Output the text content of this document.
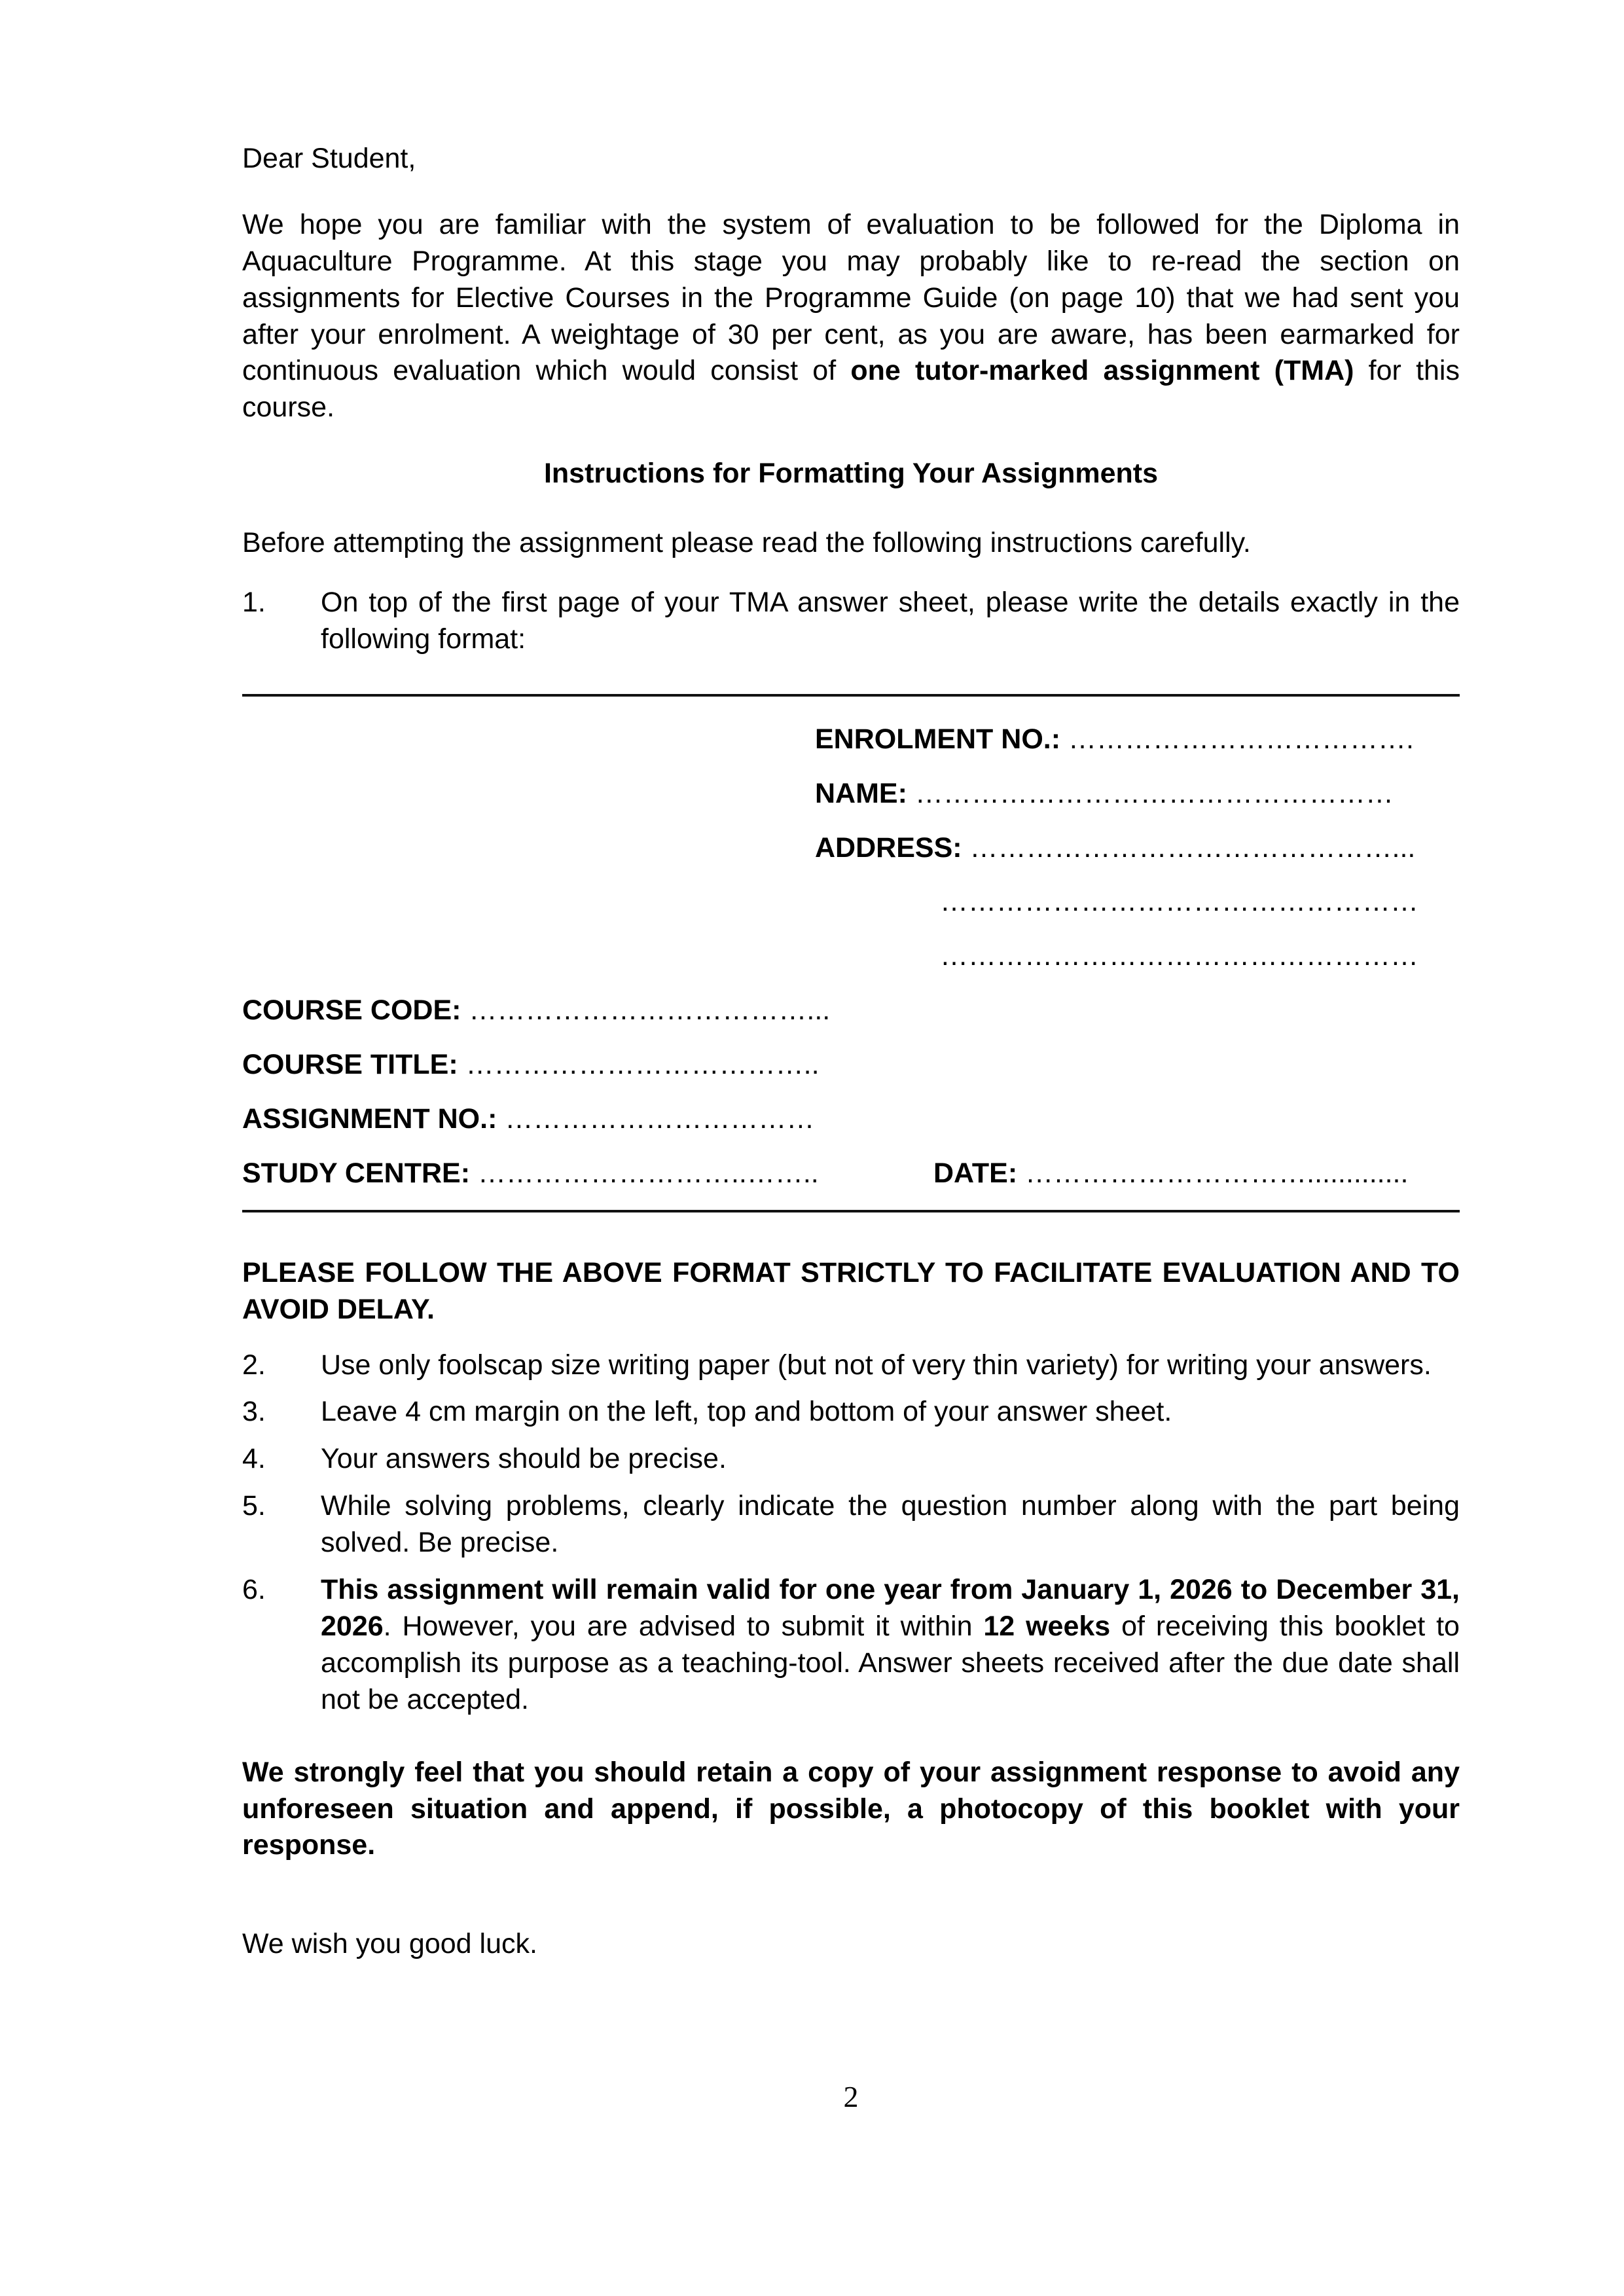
Dear Student,

We hope you are familiar with the system of evaluation to be followed for the Diploma in Aquaculture Programme. At this stage you may probably like to re-read the section on assignments for Elective Courses in the Programme Guide (on page 10) that we had sent you after your enrolment. A weightage of 30 per cent, as you are aware, has been earmarked for continuous evaluation which would consist of one tutor-marked assignment (TMA) for this course.

Instructions for Formatting Your Assignments
Before attempting the assignment please read the following instructions carefully.
1.	On top of the first page of your TMA answer sheet, please write the details exactly in the following format:
ENROLMENT NO.: ……………………………….
NAME: ……………………………………………
ADDRESS: ………………………………………...
……………………………………………
……………………………………………
COURSE CODE: ………………………………...
COURSE TITLE: ………………………………..
ASSIGNMENT NO.: ……………………………
STUDY CENTRE: ………………………..……..	DATE: ………………………….............
PLEASE FOLLOW THE ABOVE FORMAT STRICTLY TO FACILITATE EVALUATION AND TO AVOID DELAY.
2.	Use only foolscap size writing paper (but not of very thin variety) for writing your answers.
3.	Leave 4 cm margin on the left, top and bottom of your answer sheet.
4.	Your answers should be precise.
5.	While solving problems, clearly indicate the question number along with the part being solved. Be precise.
6.	This assignment will remain valid for one year from January 1, 2026 to December 31, 2026. However, you are advised to submit it within 12 weeks of receiving this booklet to accomplish its purpose as a teaching-tool. Answer sheets received after the due date shall not be accepted.
We strongly feel that you should retain a copy of your assignment response to avoid any unforeseen situation and append, if possible, a photocopy of this booklet with your response.
We wish you good luck.
2
